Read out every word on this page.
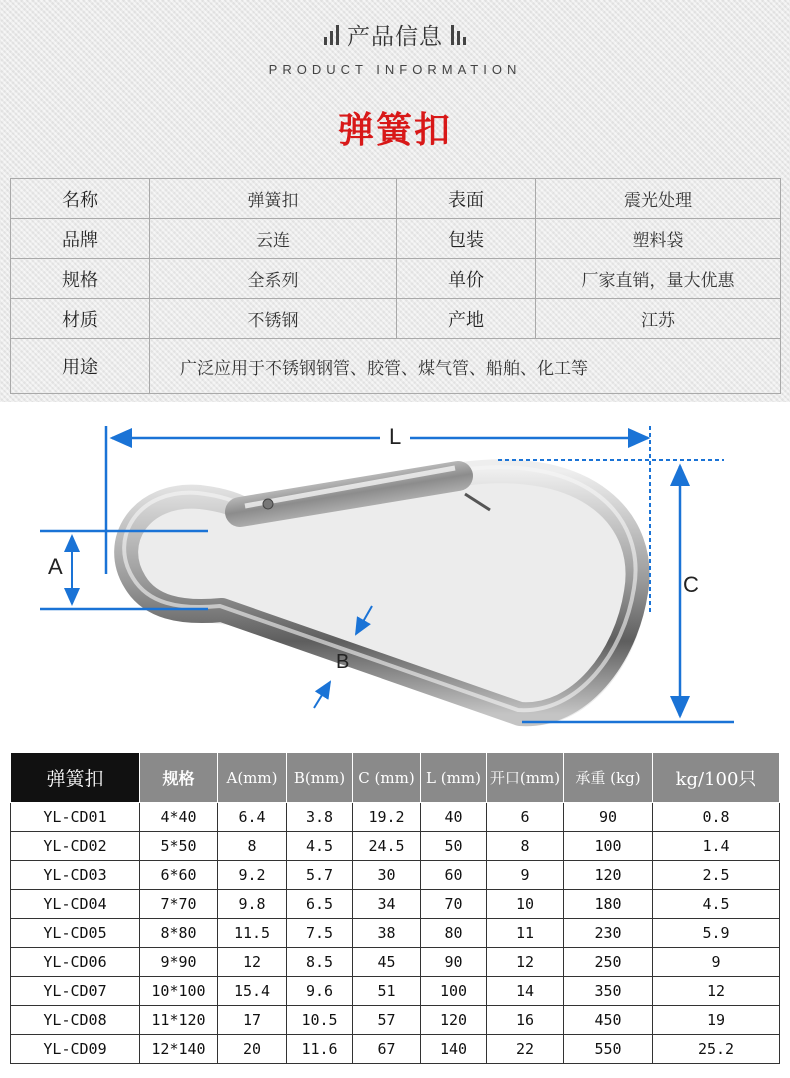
产品信息
PRODUCT INFORMATION
弹簧扣
名称	弹簧扣	表面	震光处理
品牌	云连	包装	塑料袋
规格	全系列	单价	厂家直销，量大优惠
材质	不锈钢	产地	江苏
用途	广泛应用于不锈钢钢管、胶管、煤气管、船舶、化工等		
L
A
B
C
弹簧扣	规格	A(mm)	B(mm)	C (mm)	L (mm)	开口(mm)	承重 (kg)	kg/100只
YL-CD01	4*40	6.4	3.8	19.2	40	6	90	0.8
YL-CD02	5*50	8	4.5	24.5	50	8	100	1.4
YL-CD03	6*60	9.2	5.7	30	60	9	120	2.5
YL-CD04	7*70	9.8	6.5	34	70	10	180	4.5
YL-CD05	8*80	11.5	7.5	38	80	11	230	5.9
YL-CD06	9*90	12	8.5	45	90	12	250	9
YL-CD07	10*100	15.4	9.6	51	100	14	350	12
YL-CD08	11*120	17	10.5	57	120	16	450	19
YL-CD09	12*140	20	11.6	67	140	22	550	25.2
